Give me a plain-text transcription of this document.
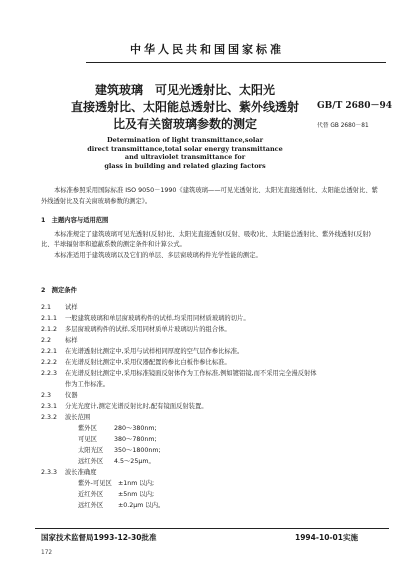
中华人民共和国国家标准
建筑玻璃　可见光透射比、太阳光
直接透射比、太阳能总透射比、紫外线透射
比及有关窗玻璃参数的测定
GB/T 2680－94
代替 GB 2680－81
Determination of light transmittance,solar
direct transmittance,total solar energy transmittance
and ultraviolet transmittance for
glass in building and related glazing factors

本标准参照采用国际标准 ISO 9050－1990《建筑玻璃——可见光透射比、太阳光直接透射比、太阳能总透射比、紫外线透射比及有关窗玻璃参数的测定》。

1　主题内容与适用范围

本标准规定了建筑玻璃可见光透射(反射)比、太阳光直接透射(反射、吸收)比、太阳能总透射比、紫外线透射(反射)比、半球辐射率和遮蔽系数的测定条件和计算公式。

本标准适用于建筑玻璃以及它们的单层、多层窗玻璃构件光学性能的测定。

2　测定条件

2.1 试样
2.1.1 一般建筑玻璃和单层窗玻璃构件的试样,均采用同材质玻璃的切片。
2.1.2 多层窗玻璃构件的试样,采用同材质单片玻璃切片的组合体。
2.2 标样
2.2.1 在光谱透射比测定中,采用与试样相同厚度的空气层作参比标准。
2.2.2 在光谱反射比测定中,采用仪器配置的参比白板作参比标准。
2.2.3 在光谱反射比测定中,采用标准镜面反射体作为工作标准,例如镀铝镜,而不采用完全漫反射体
作为工作标准。
2.3 仪器
2.3.1 分光光度计,测定光谱反射比时,配有镜面反射装置。
2.3.2 波长范围
紫外区	280～380nm;
可见区	380～780nm;
太阳光区 350～1800nm;
远红外区 4.5～25μm。
2.3.3 波长准确度
紫外-可见区 ±1nm 以内;
近红外区 ±5nm 以内;
远红外区 ±0.2μm 以内。
国家技术监督局1993-12-30批准	1994-10-01实施
172
